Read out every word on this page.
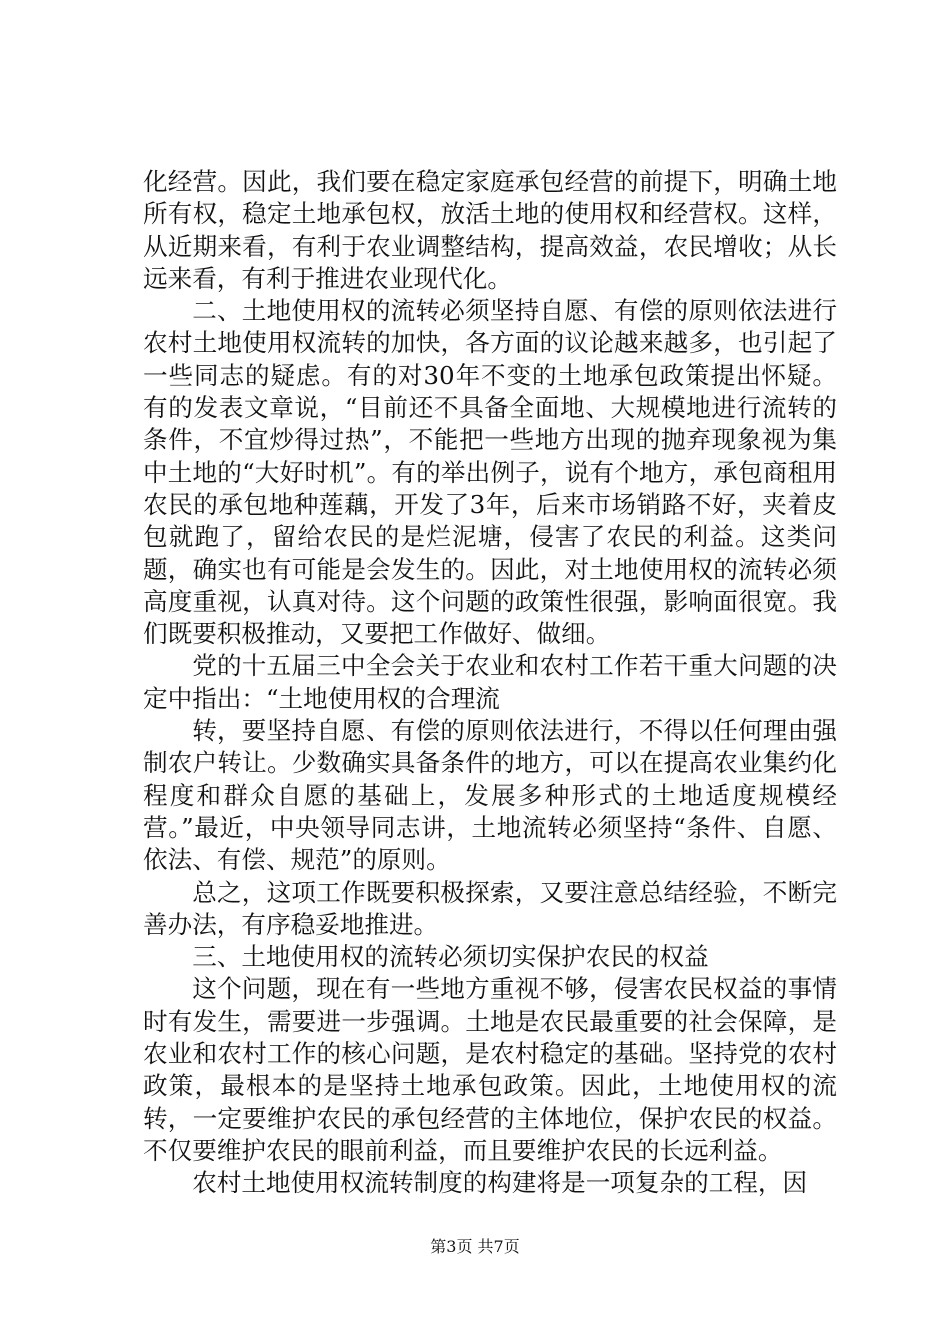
化经营。因此，我们要在稳定家庭承包经营的前提下，明确土地所有权，稳定土地承包权，放活土地的使用权和经营权。这样，从近期来看，有利于农业调整结构，提高效益，农民增收；从长远来看，有利于推进农业现代化。

二、土地使用权的流转必须坚持自愿、有偿的原则依法进行农村土地使用权流转的加快，各方面的议论越来越多，也引起了一些同志的疑虑。有的对30年不变的土地承包政策提出怀疑。有的发表文章说，“目前还不具备全面地、大规模地进行流转的条件，不宜炒得过热”，不能把一些地方出现的抛弃现象视为集中土地的“大好时机”。有的举出例子，说有个地方，承包商租用农民的承包地种莲藕，开发了3年，后来市场销路不好，夹着皮包就跑了，留给农民的是烂泥塘，侵害了农民的利益。这类问题，确实也有可能是会发生的。因此，对土地使用权的流转必须高度重视，认真对待。这个问题的政策性很强，影响面很宽。我们既要积极推动，又要把工作做好、做细。

党的十五届三中全会关于农业和农村工作若干重大问题的决定中指出：“土地使用权的合理流

转，要坚持自愿、有偿的原则依法进行，不得以任何理由强制农户转让。少数确实具备条件的地方，可以在提高农业集约化程度和群众自愿的基础上，发展多种形式的土地适度规模经营。”最近，中央领导同志讲，土地流转必须坚持“条件、自愿、依法、有偿、规范”的原则。

总之，这项工作既要积极探索，又要注意总结经验，不断完善办法，有序稳妥地推进。

三、土地使用权的流转必须切实保护农民的权益

这个问题，现在有一些地方重视不够，侵害农民权益的事情时有发生，需要进一步强调。土地是农民最重要的社会保障，是农业和农村工作的核心问题，是农村稳定的基础。坚持党的农村政策，最根本的是坚持土地承包政策。因此，土地使用权的流转，一定要维护农民的承包经营的主体地位，保护农民的权益。不仅要维护农民的眼前利益，而且要维护农民的长远利益。

农村土地使用权流转制度的构建将是一项复杂的工程，因

第3页 共7页
